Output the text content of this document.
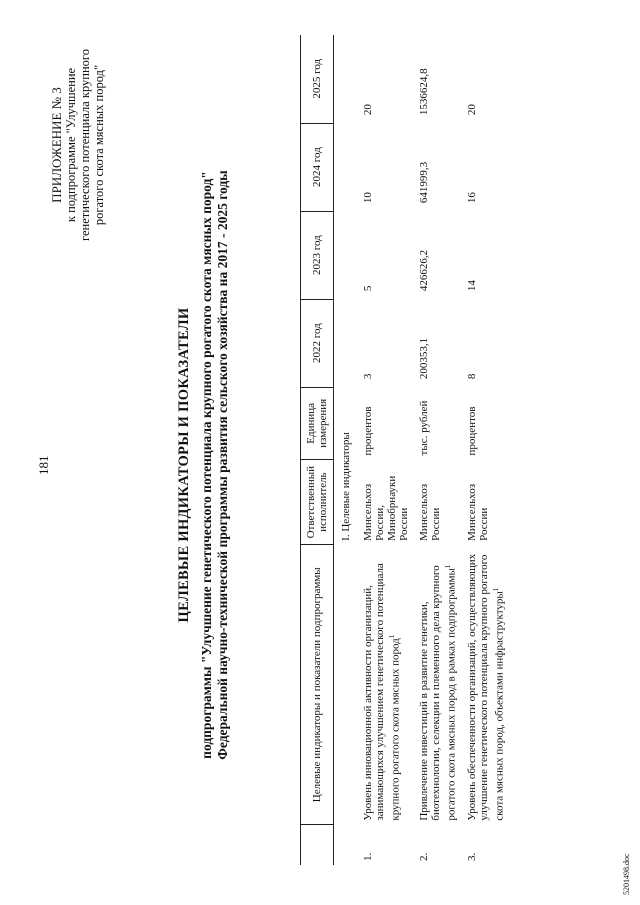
181
ПРИЛОЖЕНИЕ № 3 к подпрограмме "Улучшение генетического потенциала крупного рогатого скота мясных пород"
ЦЕЛЕВЫЕ ИНДИКАТОРЫ И ПОКАЗАТЕЛИ подпрограммы "Улучшение генетического потенциала крупного рогатого скота мясных пород" Федеральной научно-технической программы развития сельского хозяйства на 2017 - 2025 годы
		Целевые индикаторы и показатели подпрограммы	Ответственный исполнитель	Единица измерения	2022 год	2023 год	2024 год	2025 год
		I. Целевые индикаторы					
1.	Уровень инновационной активности организаций, занимающихся улучшением генетического потенциала крупного рогатого скота мясных пород$^1$	Минсельхоз России, Минобрнауки России	процентов	3	5	10	20
2.	Привлечение инвестиций в развитие генетики, биотехнологии, селекции и племенного дела крупного рогатого скота мясных пород в рамках подпрограммы$^1$	Минсельхоз России	тыс. рублей	200353,1	426626,2	641999,3	1536624,8
3.	Уровень обеспеченности организаций, осуществляющих улучшение генетического потенциала крупного рогатого скота мясных пород, объектами инфраструктуры$^1$	Минсельхоз России	процентов	8	14	16	20
5201498.doc
